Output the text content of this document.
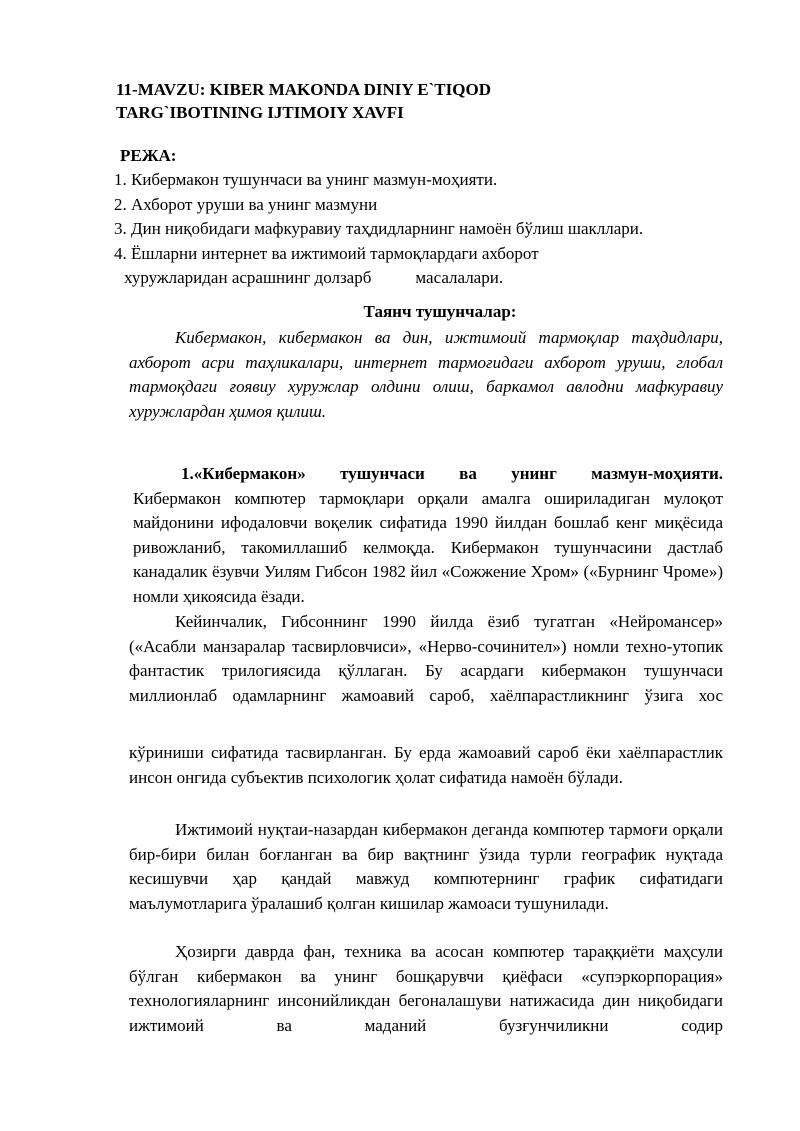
11-MAVZU: KIBER MAKONDA DINIY E`TIQOD
TARG`IBOTINING IJTIMOIY XAVFI
РЕЖА:
1. Кибермакон тушунчаси ва унинг мазмун-моҳияти.
2. Ахборот уруши ва унинг мазмуни
3. Дин ниқобидаги мафкуравиу таҳдидларнинг намоён бўлиш шакллари.
4. Ёшларни интернет ва ижтимоий тармоқлардаги ахборот
хуружларидан асрашнинг долзарб	масалалари.
Таянч тушунчалар:
Кибермакон, кибермакон ва дин, ижтимоий тармоқлар таҳдидлари, ахборот асри таҳликалари, интернет тармоғидаги ахборот уруши, глобал тармоқдаги ғоявиу хуружлар олдини олиш, баркамол авлодни мафкуравиу хуружлардан ҳимоя қилиш.
1.«Кибермакон» тушунчаси ва унинг мазмун-моҳияти.
Кибермакон компютер тармоқлари орқали амалга ошириладиган мулоқот майдонини ифодаловчи воқелик сифатида 1990 йилдан бошлаб кенг миқёсида ривожланиб, такомиллашиб келмоқда. Кибермакон тушунчасини дастлаб канадалик ёзувчи Уилям Гибсон 1982 йил «Сожжение Хром» («Бурнинг Чроме») номли ҳикоясида ёзади.
Кейинчалик, Гибсоннинг 1990 йилда ёзиб тугатган «Нейромансер» («Асабли манзаралар тасвирловчиси», «Нерво-сочинител») номли техно-утопик фантастик трилогиясида қўллаган. Бу асардаги кибермакон тушунчаси миллионлаб одамларнинг жамоавий сароб, хаёлпарастликнинг ўзига хос
кўриниши сифатида тасвирланган. Бу ерда жамоавий сароб ёки хаёлпарастлик инсон онгида субъектив психологик ҳолат сифатида намоён бўлади.
Ижтимоий нуқтаи-назардан кибермакон деганда компютер тармоғи орқали бир-бири билан боғланган ва бир вақтнинг ўзида турли географик нуқтада кесишувчи ҳар қандай мавжуд компютернинг график сифатидаги маълумотларига ўралашиб қолган кишилар жамоаси тушунилади.
Ҳозирги даврда фан, техника ва асосан компютер тараққиёти маҳсули бўлган кибермакон ва унинг бошқарувчи қиёфаси «супэркорпорация» технологияларнинг инсонийликдан бегоналашуви натижасида дин ниқобидаги ижтимоий ва маданий бузғунчиликни содир
